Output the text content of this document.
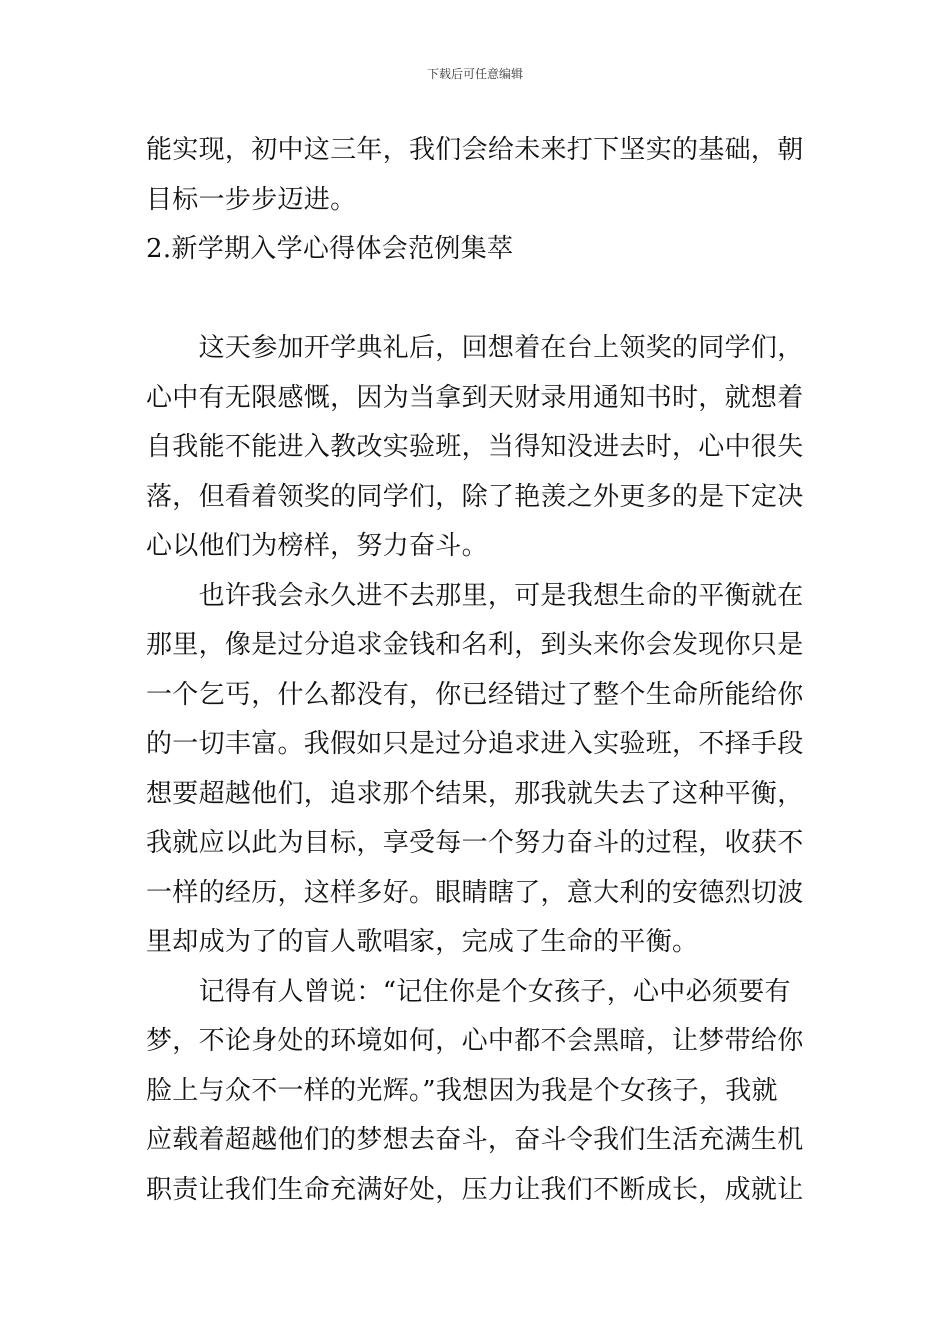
下载后可任意编辑
能实现，初中这三年，我们会给未来打下坚实的基础，朝
目标一步步迈进。
2.新学期入学心得体会范例集萃
　　这天参加开学典礼后，回想着在台上领奖的同学们，
心中有无限感慨，因为当拿到天财录用通知书时，就想着
自我能不能进入教改实验班，当得知没进去时，心中很失
落，但看着领奖的同学们，除了艳羡之外更多的是下定决
心以他们为榜样，努力奋斗。
　　也许我会永久进不去那里，可是我想生命的平衡就在
那里，像是过分追求金钱和名利，到头来你会发现你只是
一个乞丐，什么都没有，你已经错过了整个生命所能给你
的一切丰富。我假如只是过分追求进入实验班，不择手段
想要超越他们，追求那个结果，那我就失去了这种平衡，
我就应以此为目标，享受每一个努力奋斗的过程，收获不
一样的经历，这样多好。眼睛瞎了，意大利的安德烈切波
里却成为了的盲人歌唱家，完成了生命的平衡。
　　记得有人曾说：“记住你是个女孩子，心中必须要有
梦，不论身处的环境如何，心中都不会黑暗，让梦带给你
脸上与众不一样的光辉。”我想因为我是个女孩子，我就
应载着超越他们的梦想去奋斗，奋斗令我们生活充满生机
职责让我们生命充满好处，压力让我们不断成长，成就让
